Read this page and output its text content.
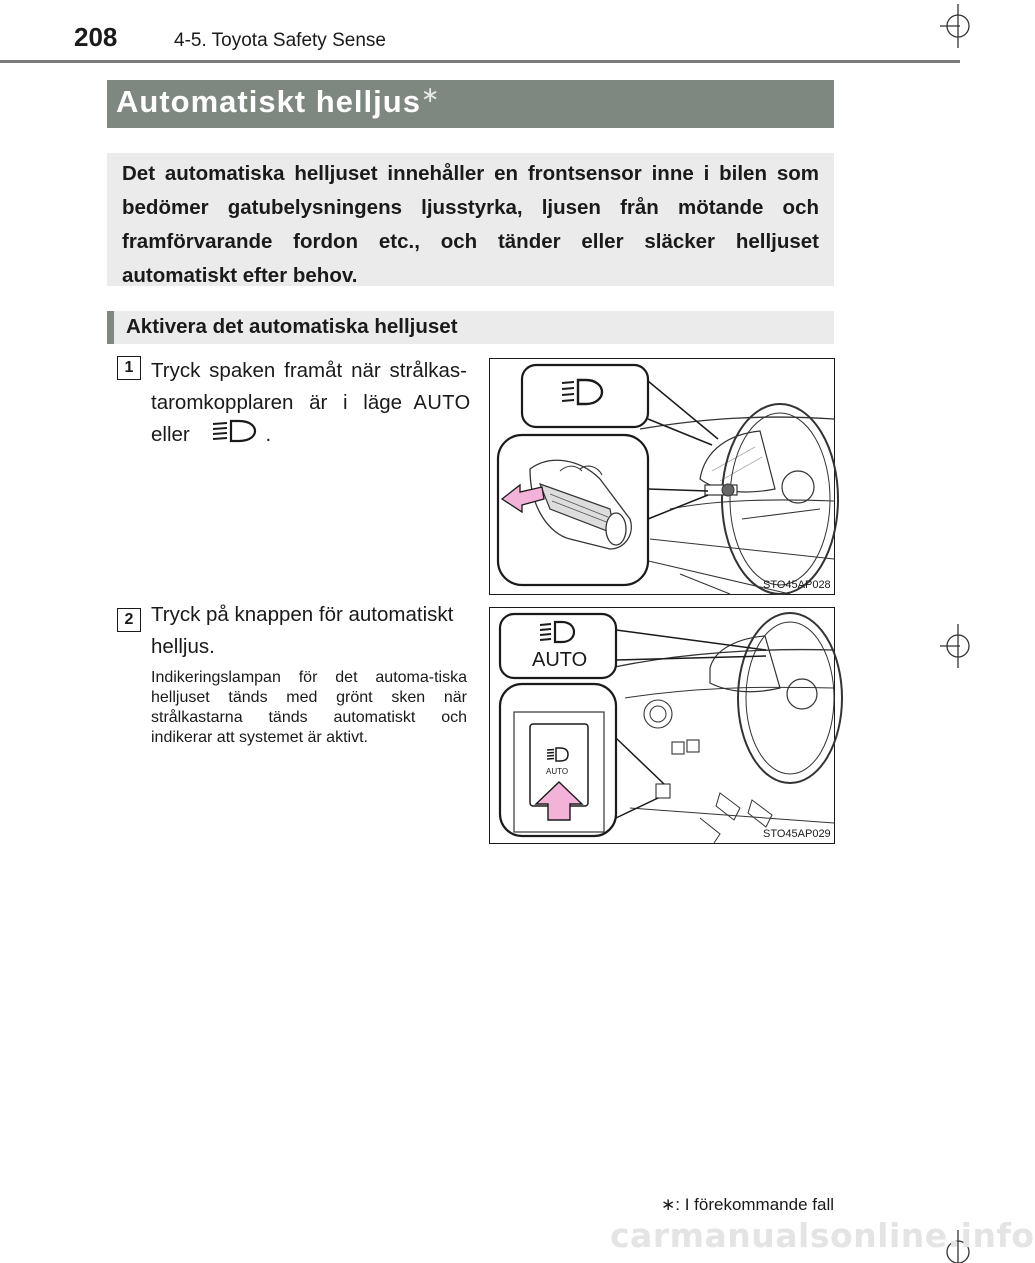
208	4-5. Toyota Safety Sense
Automatiskt helljus∗
Det automatiska helljuset innehåller en frontsensor inne i bilen som bedömer gatubelysningens ljusstyrka, ljusen från mötande och framförvarande fordon etc., och tänder eller släcker helljuset automatiskt efter behov.
Aktivera det automatiska helljuset
1 Tryck spaken framåt när strålkas-
taromkopplaren är i läge AUTO
eller	.
STO45AP028
2 Tryck på knappen för automatiskt helljus.
Indikeringslampan för det automa-tiska helljuset tänds med grönt sken när strålkastarna tänds automatiskt och indikerar att systemet är aktivt.
AUTO
AUTO
STO45AP029
∗: I förekommande fall
carmanualsonline.info
